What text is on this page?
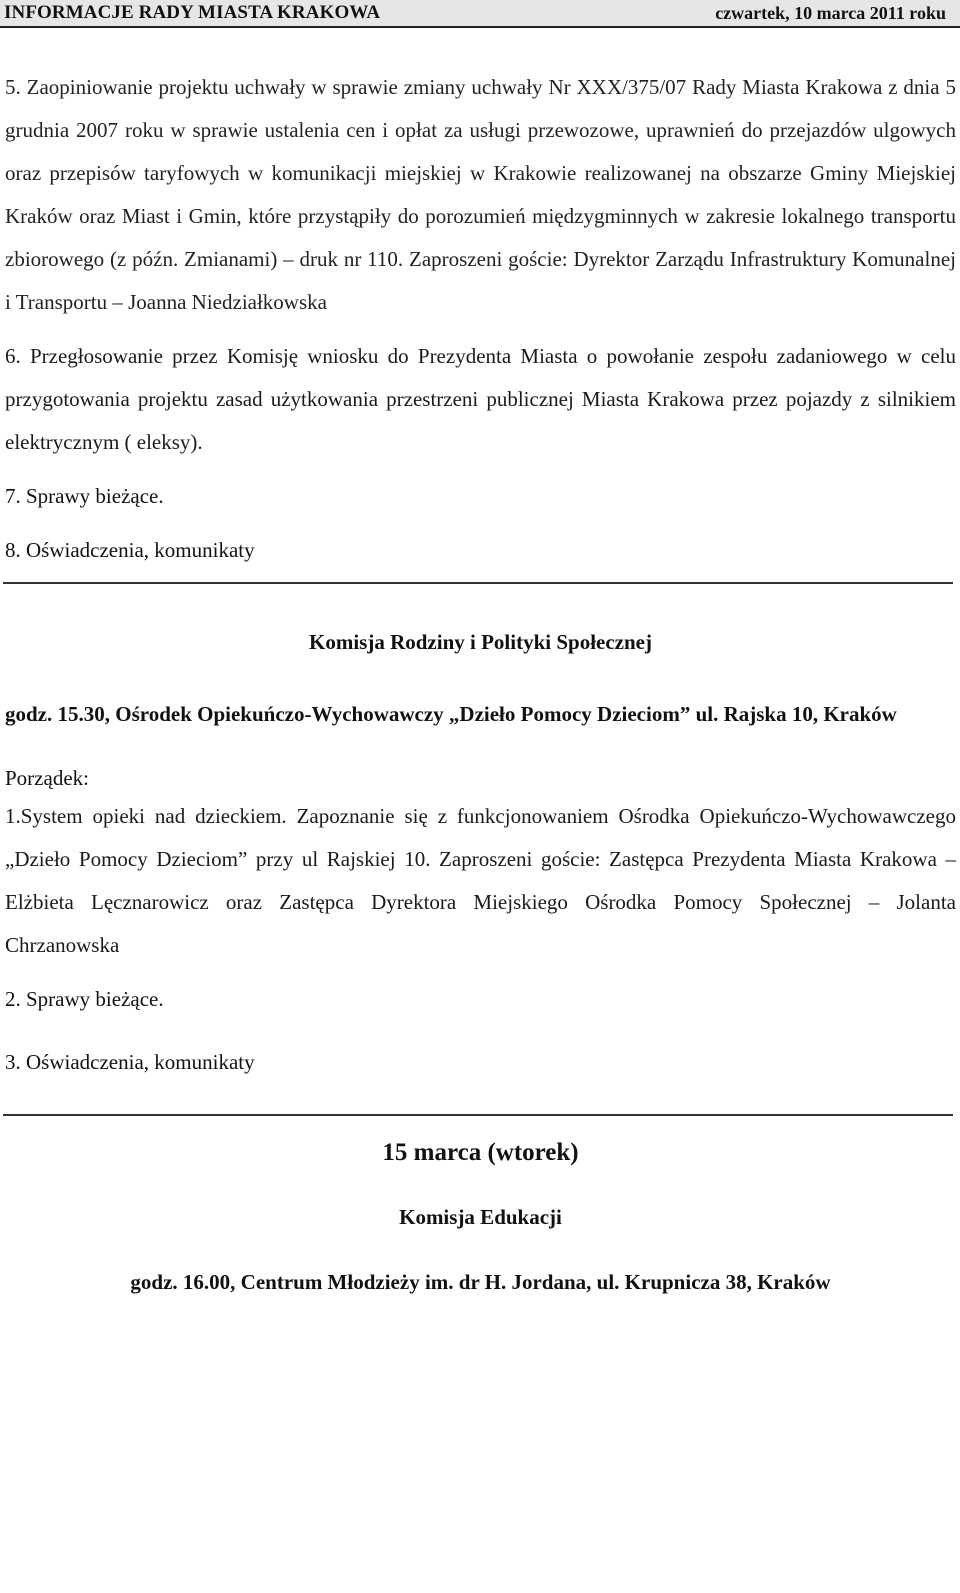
INFORMACJE RADY MIASTA KRAKOWA	czwartek, 10 marca 2011 roku

5. Zaopiniowanie projektu uchwały w sprawie zmiany uchwały Nr XXX/375/07 Rady Miasta Krakowa z dnia 5 grudnia 2007 roku w sprawie ustalenia cen i opłat za usługi przewozowe, uprawnień do przejazdów ulgowych oraz przepisów taryfowych w komunikacji miejskiej w Krakowie realizowanej na obszarze Gminy Miejskiej Kraków oraz Miast i Gmin, które przystąpiły do porozumień międzygminnych w zakresie lokalnego transportu zbiorowego (z późn. Zmianami) – druk nr 110. Zaproszeni goście: Dyrektor Zarządu Infrastruktury Komunalnej i Transportu – Joanna Niedziałkowska

6. Przegłosowanie przez Komisję wniosku do Prezydenta Miasta o powołanie zespołu zadaniowego w celu przygotowania projektu zasad użytkowania przestrzeni publicznej Miasta Krakowa przez pojazdy z silnikiem elektrycznym ( eleksy).

7. Sprawy bieżące.

8. Oświadczenia, komunikaty

Komisja Rodziny i Polityki Społecznej

godz. 15.30, Ośrodek Opiekuńczo-Wychowawczy „Dzieło Pomocy Dzieciom” ul. Rajska 10, Kraków

Porządek:

1.System opieki nad dzieckiem. Zapoznanie się z funkcjonowaniem Ośrodka Opiekuńczo-Wychowawczego „Dzieło Pomocy Dzieciom” przy ul Rajskiej 10. Zaproszeni goście: Zastępca Prezydenta Miasta Krakowa – Elżbieta Lęcznarowicz oraz Zastępca Dyrektora Miejskiego Ośrodka Pomocy Społecznej – Jolanta Chrzanowska

2. Sprawy bieżące.

3. Oświadczenia, komunikaty

15 marca (wtorek)

Komisja Edukacji

godz. 16.00, Centrum Młodzieży im. dr H. Jordana, ul. Krupnicza 38, Kraków
